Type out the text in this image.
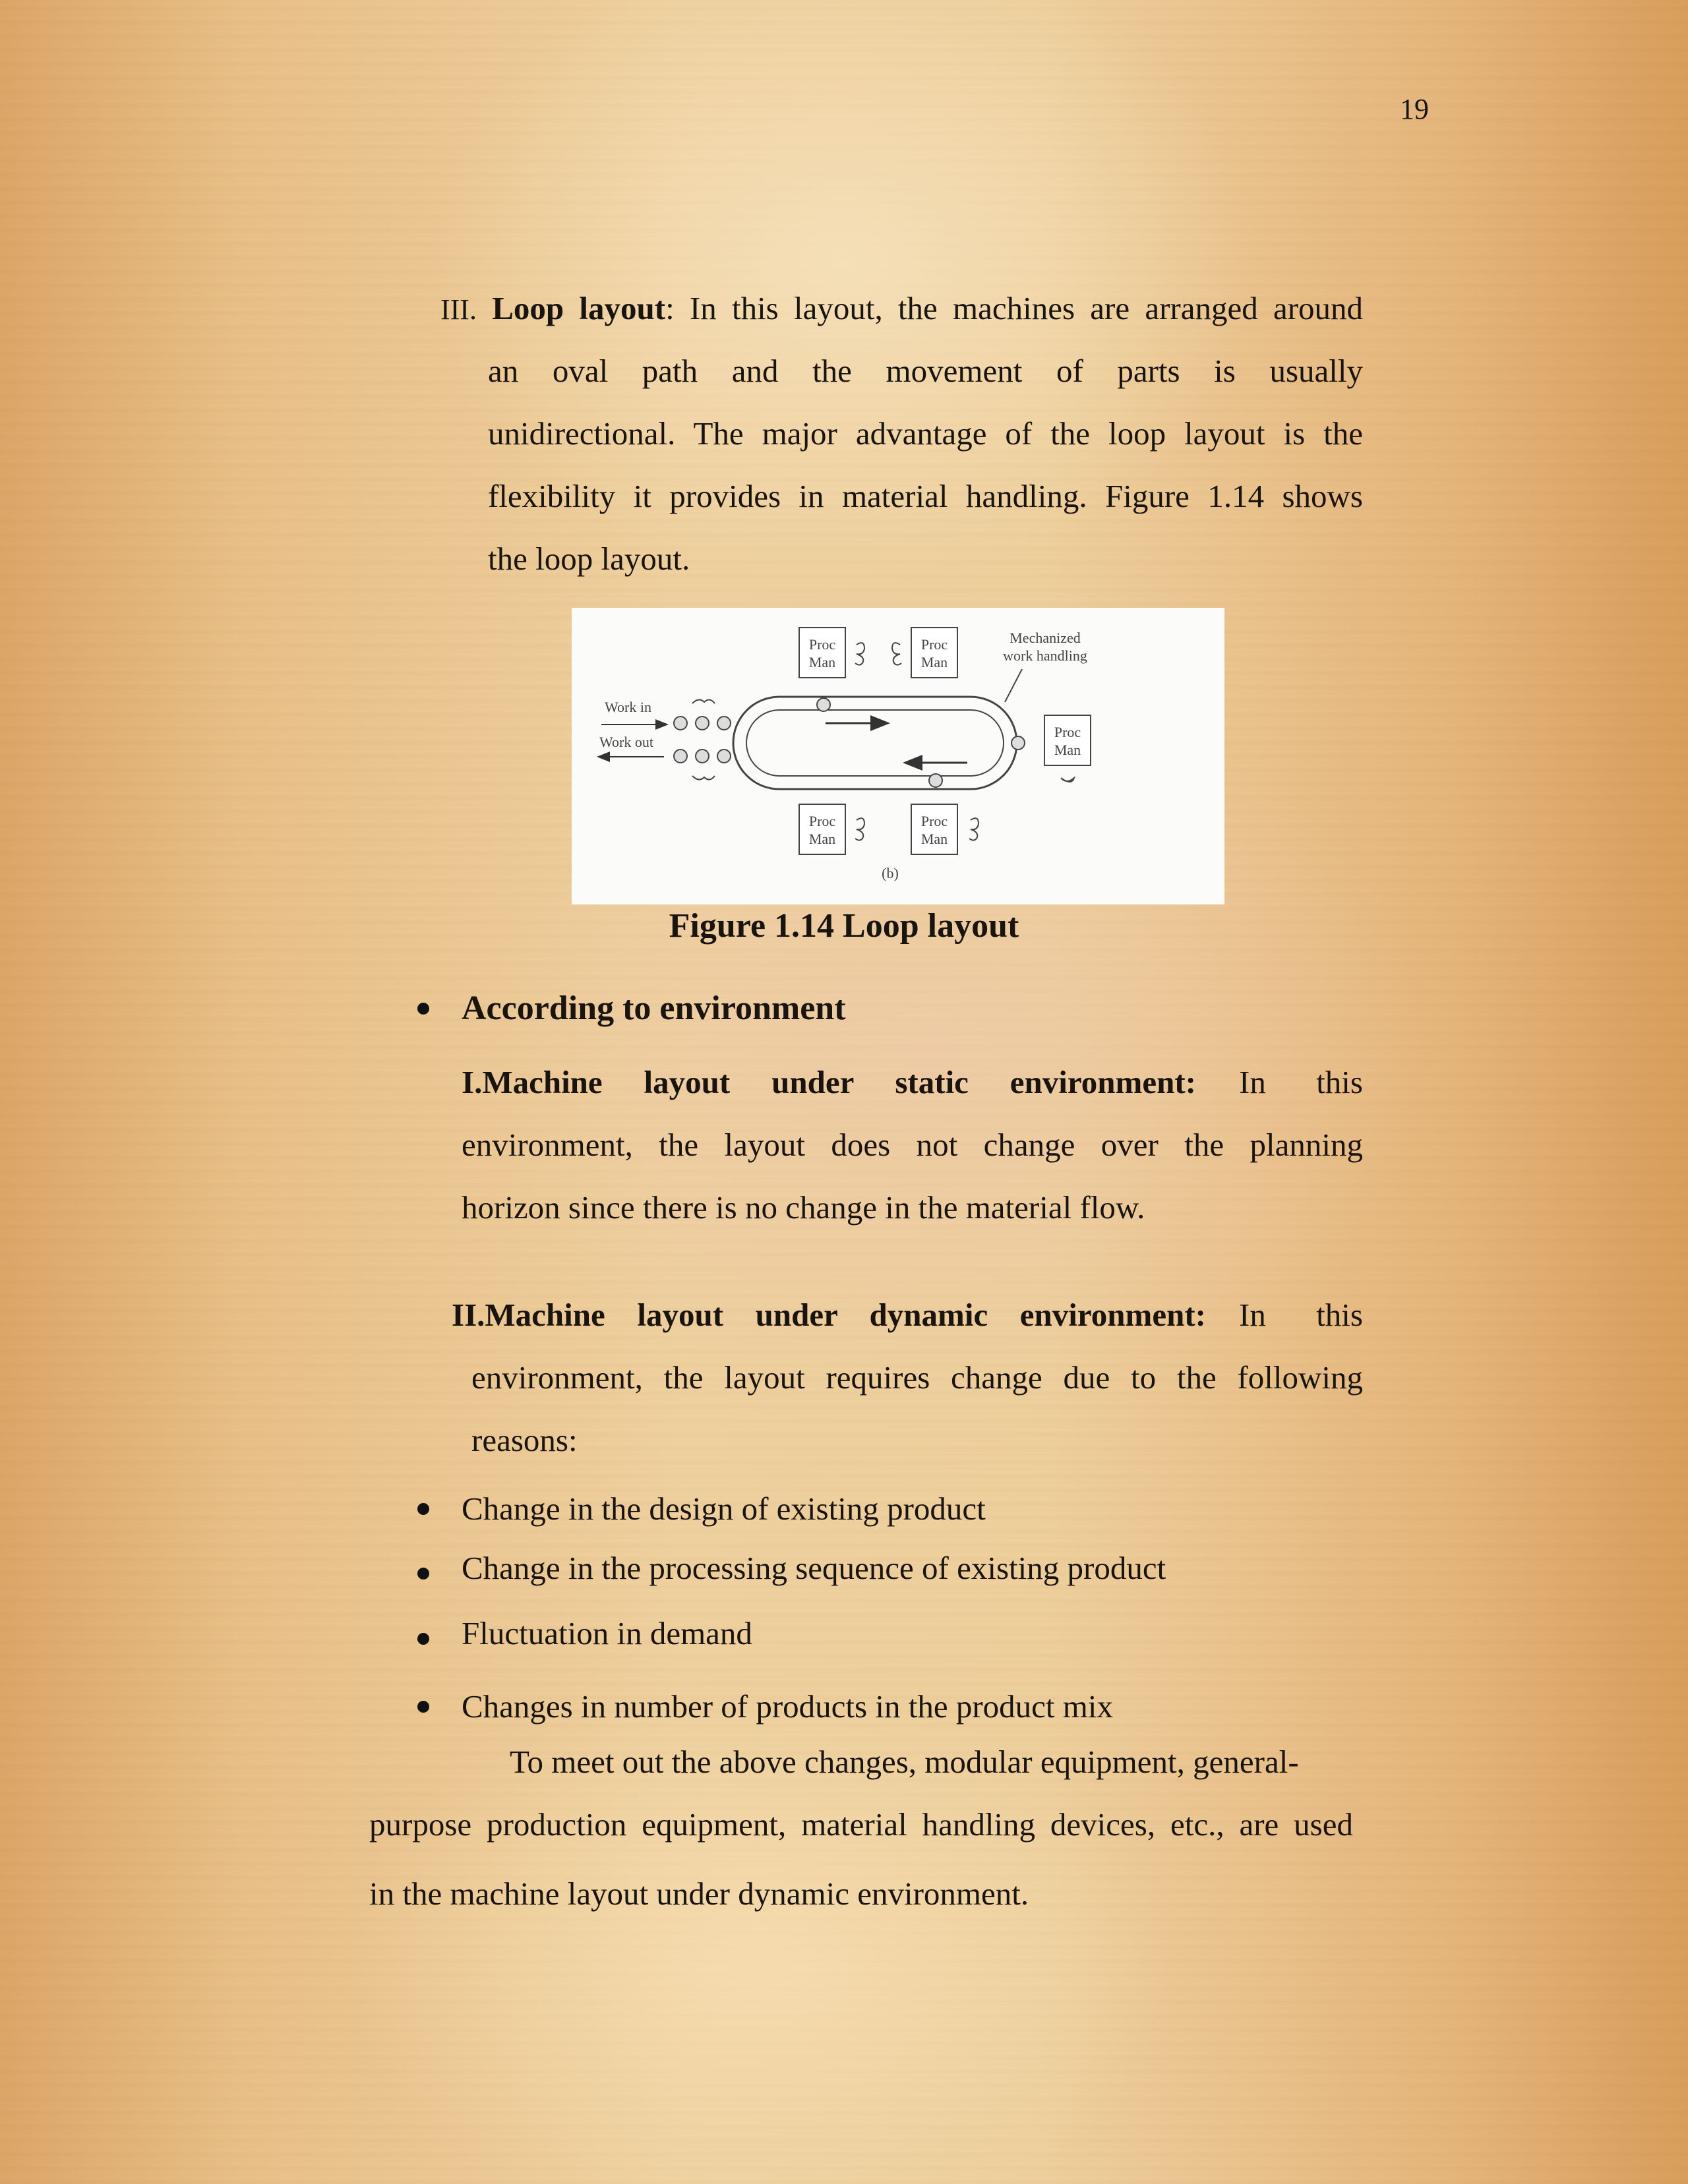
19
III. Loop layout: In this layout, the machines are arranged around
an oval path and the movement of parts is usually
unidirectional. The major advantage of the loop layout is the
flexibility it provides in material handling. Figure 1.14 shows
the loop layout.
Proc
Man
Proc
Man
Proc
Man
Proc
Man
Proc
Man
Work in
Work out
Mechanized
work handling
(b)
Figure 1.14 Loop layout
According to environment
I.Machine layout under static environment:	In this
environment, the layout does not change over the planning
horizon since there is no change in the material flow.
II.Machine layout under dynamic environment:	In this
environment, the layout requires change due to the following
reasons:
Change in the design of existing product
Change in the processing sequence of existing product
Fluctuation in demand
Changes in number of products in the product mix
To meet out the above changes, modular equipment, general-
purpose production equipment, material handling devices, etc., are used
in the machine layout under dynamic environment.
